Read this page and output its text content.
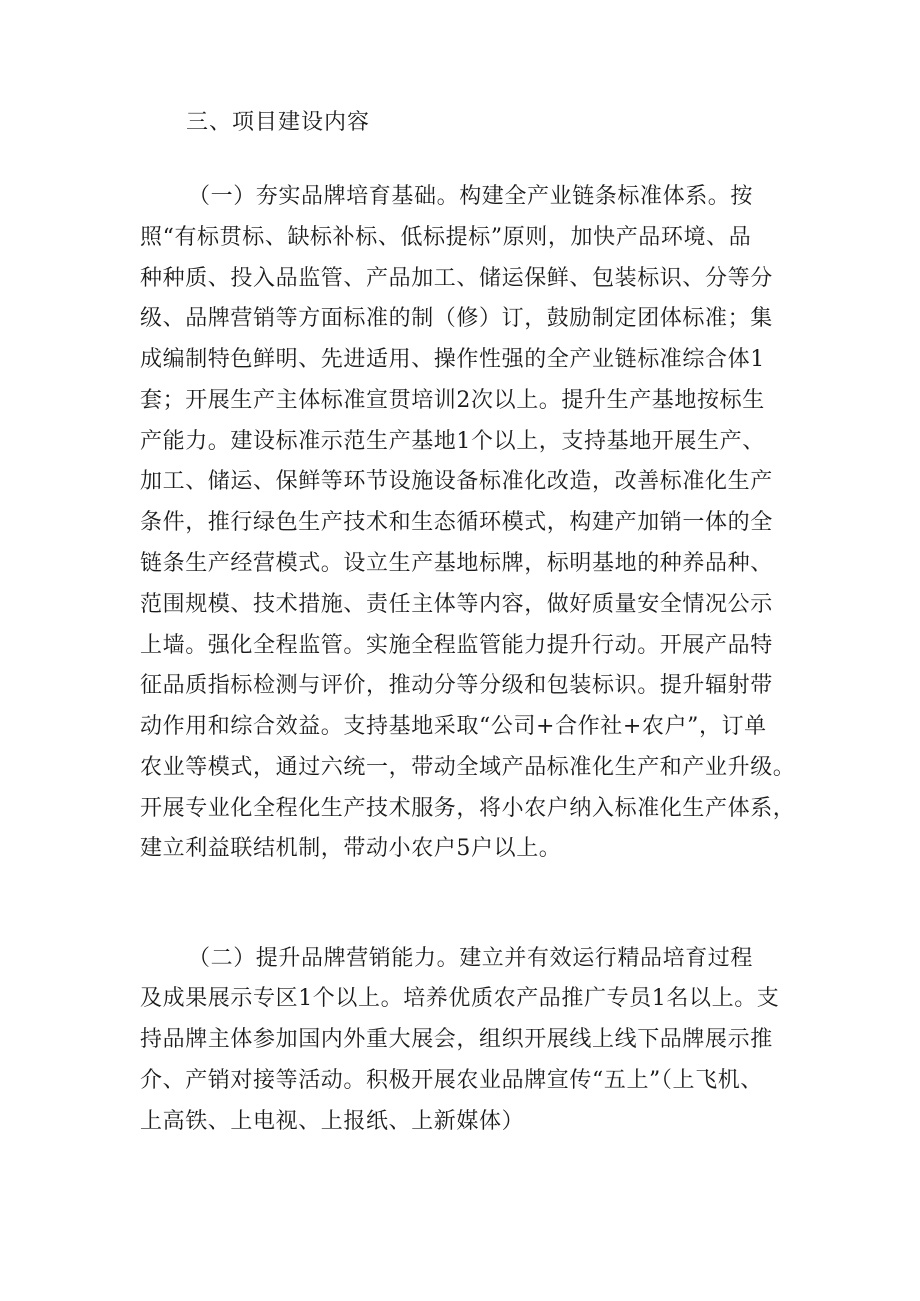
三、项目建设内容
（一）夯实品牌培育基础。构建全产业链条标准体系。按
照“有标贯标、缺标补标、低标提标”原则，加快产品环境、品
种种质、投入品监管、产品加工、储运保鲜、包装标识、分等分
级、品牌营销等方面标准的制（修）订，鼓励制定团体标准；集
成编制特色鲜明、先进适用、操作性强的全产业链标准综合体1
套；开展生产主体标准宣贯培训2次以上。提升生产基地按标生
产能力。建设标准示范生产基地1个以上，支持基地开展生产、
加工、储运、保鲜等环节设施设备标准化改造，改善标准化生产
条件，推行绿色生产技术和生态循环模式，构建产加销一体的全
链条生产经营模式。设立生产基地标牌，标明基地的种养品种、
范围规模、技术措施、责任主体等内容，做好质量安全情况公示
上墙。强化全程监管。实施全程监管能力提升行动。开展产品特
征品质指标检测与评价，推动分等分级和包装标识。提升辐射带
动作用和综合效益。支持基地采取“公司+合作社+农户”，订单
农业等模式，通过六统一，带动全域产品标准化生产和产业升级。
开展专业化全程化生产技术服务，将小农户纳入标准化生产体系，
建立利益联结机制，带动小农户5户以上。
（二）提升品牌营销能力。建立并有效运行精品培育过程
及成果展示专区1个以上。培养优质农产品推广专员1名以上。支
持品牌主体参加国内外重大展会，组织开展线上线下品牌展示推
介、产销对接等活动。积极开展农业品牌宣传“五上”（上飞机、
上高铁、上电视、上报纸、上新媒体）
